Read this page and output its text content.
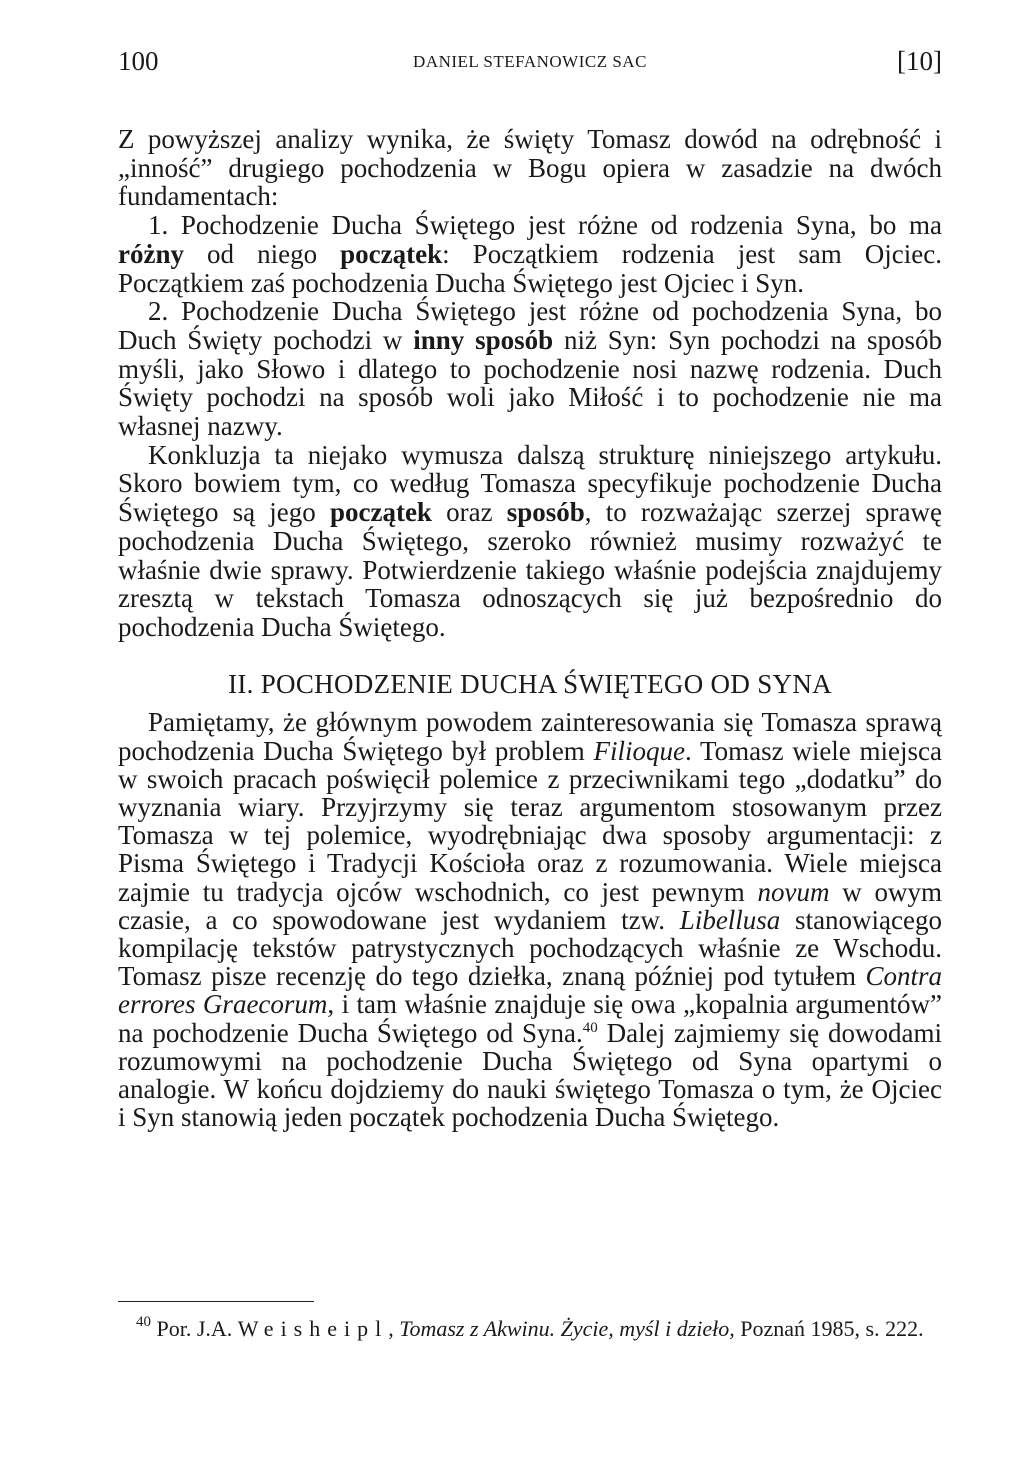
100	DANIEL STEFANOWICZ SAC	[10]

Z powyższej analizy wynika, że święty Tomasz dowód na odrębność i „inność” drugiego pochodzenia w Bogu opiera w zasadzie na dwóch fundamentach:

1. Pochodzenie Ducha Świętego jest różne od rodzenia Syna, bo ma różny od niego początek: Początkiem rodzenia jest sam Ojciec. Początkiem zaś pochodzenia Ducha Świętego jest Ojciec i Syn.

2. Pochodzenie Ducha Świętego jest różne od pochodzenia Syna, bo Duch Święty pochodzi w inny sposób niż Syn: Syn pochodzi na sposób myśli, jako Słowo i dlatego to pochodzenie nosi nazwę rodzenia. Duch Święty pochodzi na sposób woli jako Miłość i to pochodzenie nie ma własnej nazwy.

Konkluzja ta niejako wymusza dalszą strukturę niniejszego artykułu. Skoro bowiem tym, co według Tomasza specyfikuje pochodzenie Ducha Świętego są jego początek oraz sposób, to rozważając szerzej sprawę pochodzenia Ducha Świętego, szeroko również musimy rozważyć te właśnie dwie sprawy. Potwierdzenie takiego właśnie podejścia znajdujemy zresztą w tekstach Tomasza odnoszących się już bezpośrednio do pochodzenia Ducha Świętego.

II. POCHODZENIE DUCHA ŚWIĘTEGO OD SYNA

Pamiętamy, że głównym powodem zainteresowania się Tomasza sprawą pochodzenia Ducha Świętego był problem Filioque. Tomasz wiele miejsca w swoich pracach poświęcił polemice z przeciwnikami tego „dodatku” do wyznania wiary. Przyjrzymy się teraz argumentom stosowanym przez Tomasza w tej polemice, wyodrębniając dwa sposoby argumentacji: z Pisma Świętego i Tradycji Kościoła oraz z rozumowania. Wiele miejsca zajmie tu tradycja ojców wschodnich, co jest pewnym novum w owym czasie, a co spowodowane jest wydaniem tzw. Libellusa stanowiącego kompilację tekstów patrystycznych pochodzących właśnie ze Wschodu. Tomasz pisze recenzję do tego dziełka, znaną później pod tytułem Contra errores Graecorum, i tam właśnie znajduje się owa „kopalnia argumentów” na pochodzenie Ducha Świętego od Syna.$^{40}$ Dalej zajmiemy się dowodami rozumowymi na pochodzenie Ducha Świętego od Syna opartymi o analogie. W końcu dojdziemy do nauki świętego Tomasza o tym, że Ojciec i Syn stanowią jeden początek pochodzenia Ducha Świętego.

$^{40}$ Por. J.A. Weisheipl, Tomasz z Akwinu. Życie, myśl i dzieło, Poznań 1985, s. 222.
